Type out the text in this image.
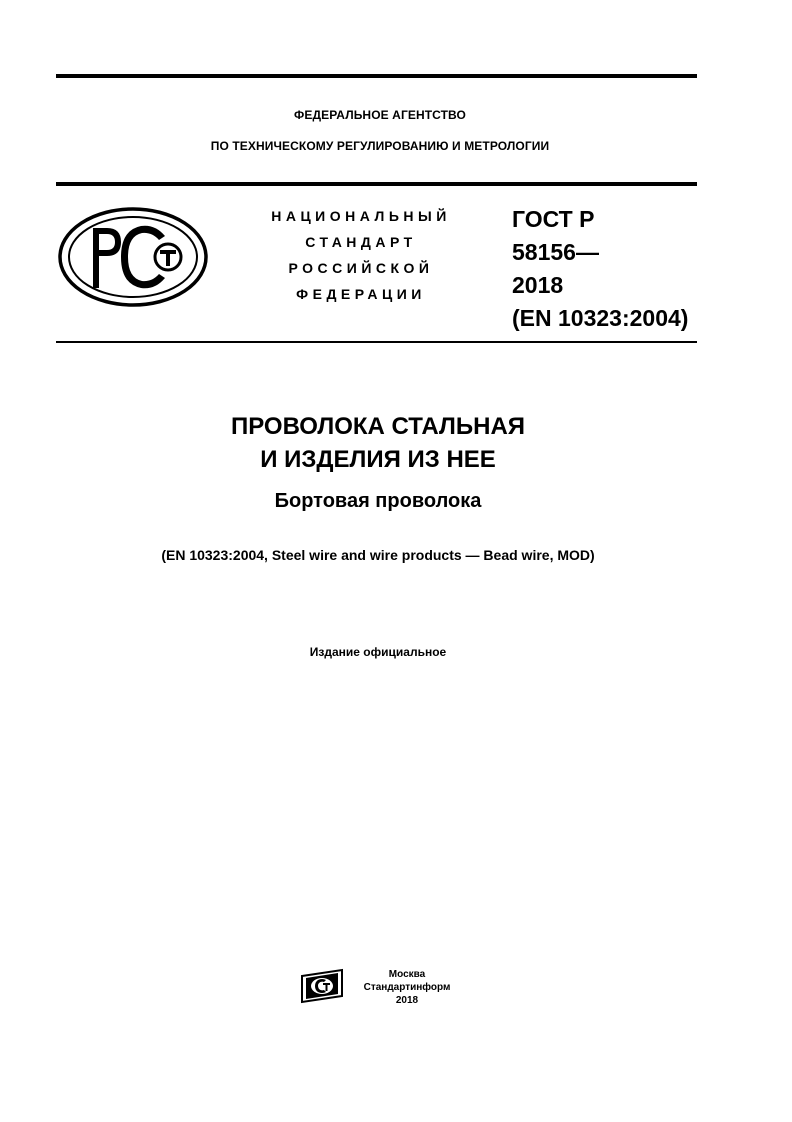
ФЕДЕРАЛЬНОЕ АГЕНТСТВО
ПО ТЕХНИЧЕСКОМУ РЕГУЛИРОВАНИЮ И МЕТРОЛОГИИ
НАЦИОНАЛЬНЫЙ
СТАНДАРТ
РОССИЙСКОЙ
ФЕДЕРАЦИИ
ГОСТ Р
58156—
2018
(EN 10323:2004)
ПРОВОЛОКА СТАЛЬНАЯ
И ИЗДЕЛИЯ ИЗ НЕЕ
Бортовая проволока
(EN 10323:2004, Steel wire and wire products — Bead wire, MOD)
Издание официальное
Москва
Стандартинформ
2018
